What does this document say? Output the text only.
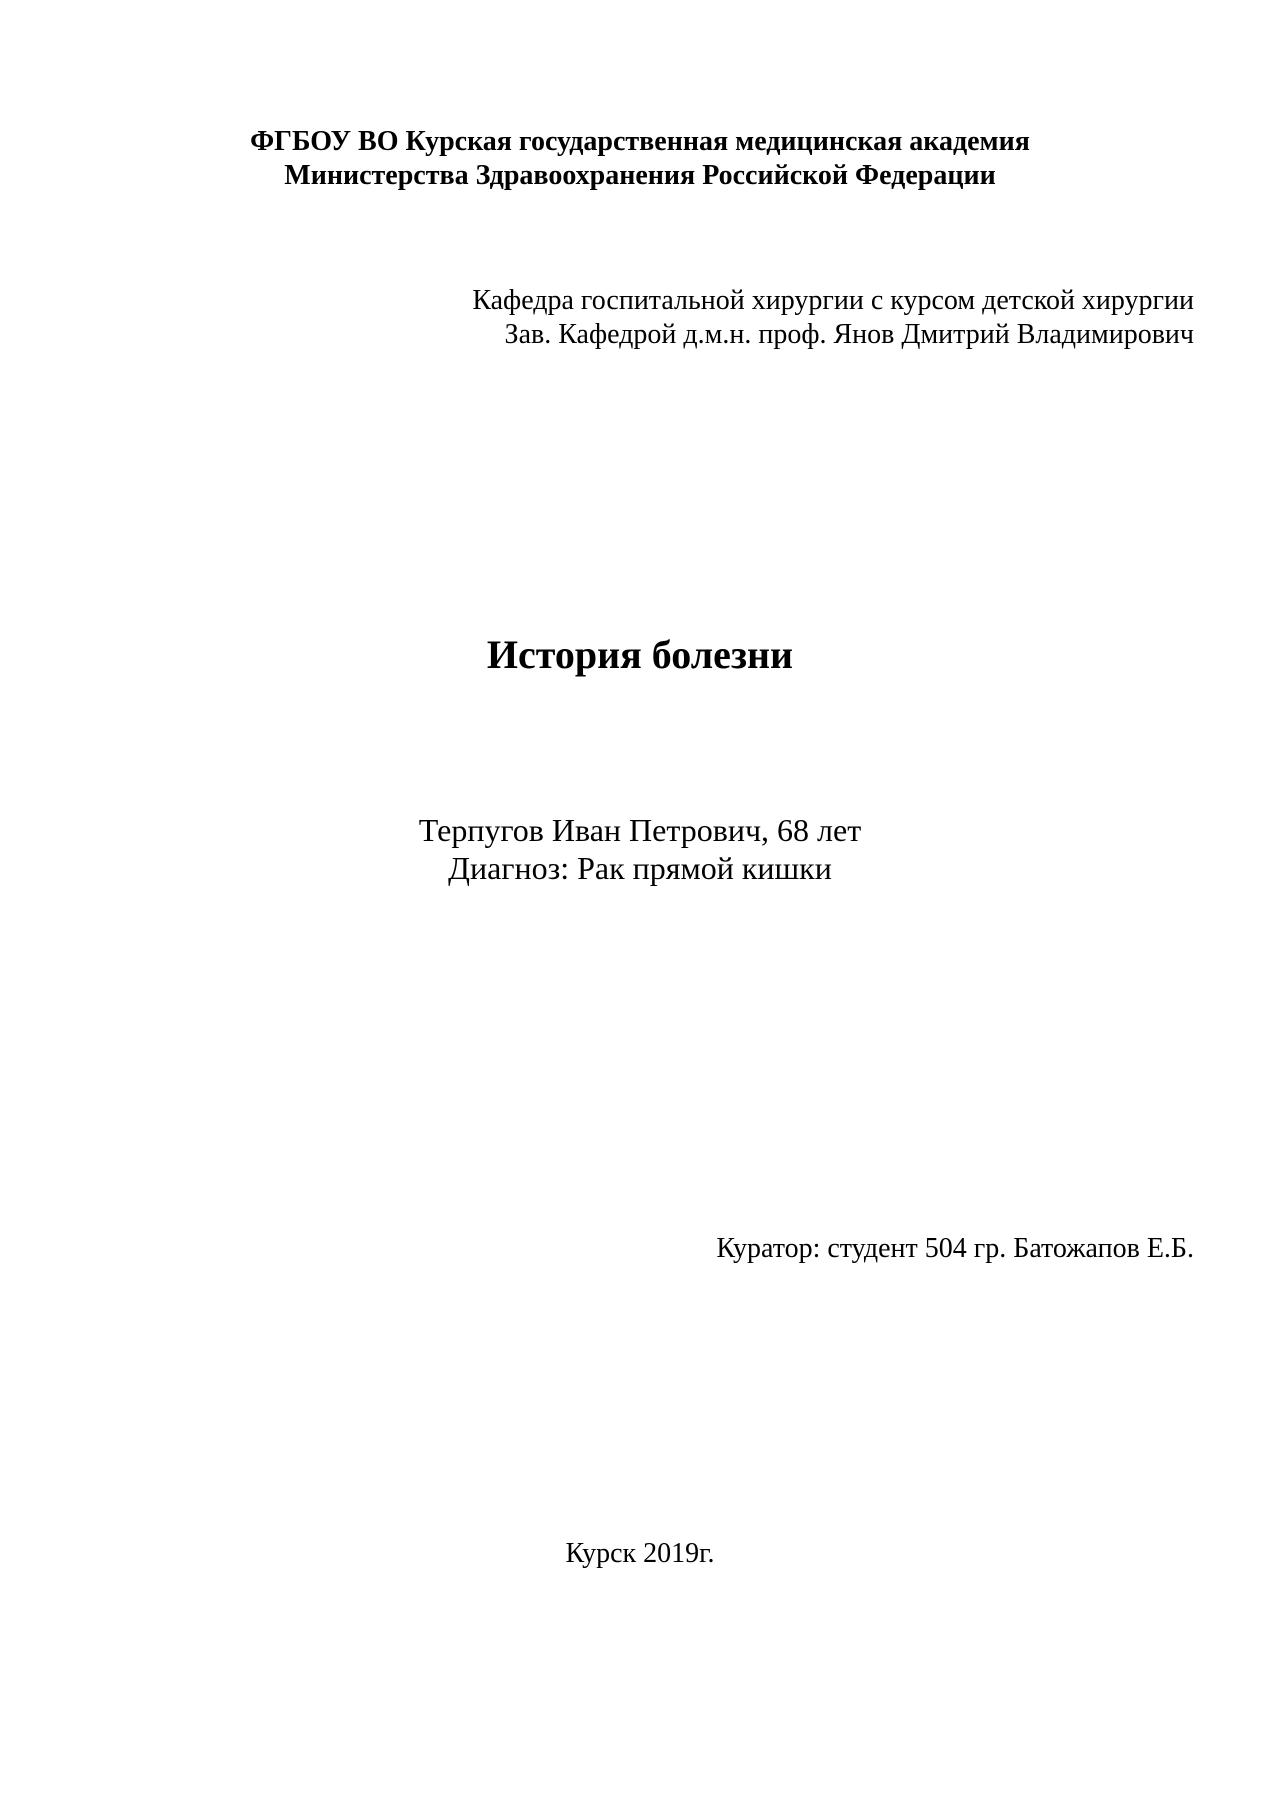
ФГБОУ ВО Курская государственная медицинская академия
Министерства Здравоохранения Российской Федерации
Кафедра госпитальной хирургии с курсом детской хирургии
Зав. Кафедрой д.м.н. проф. Янов Дмитрий Владимирович
История болезни
Терпугов Иван Петрович, 68 лет
Диагноз: Рак прямой кишки
Куратор: студент 504 гр. Батожапов Е.Б.
Курск 2019г.
